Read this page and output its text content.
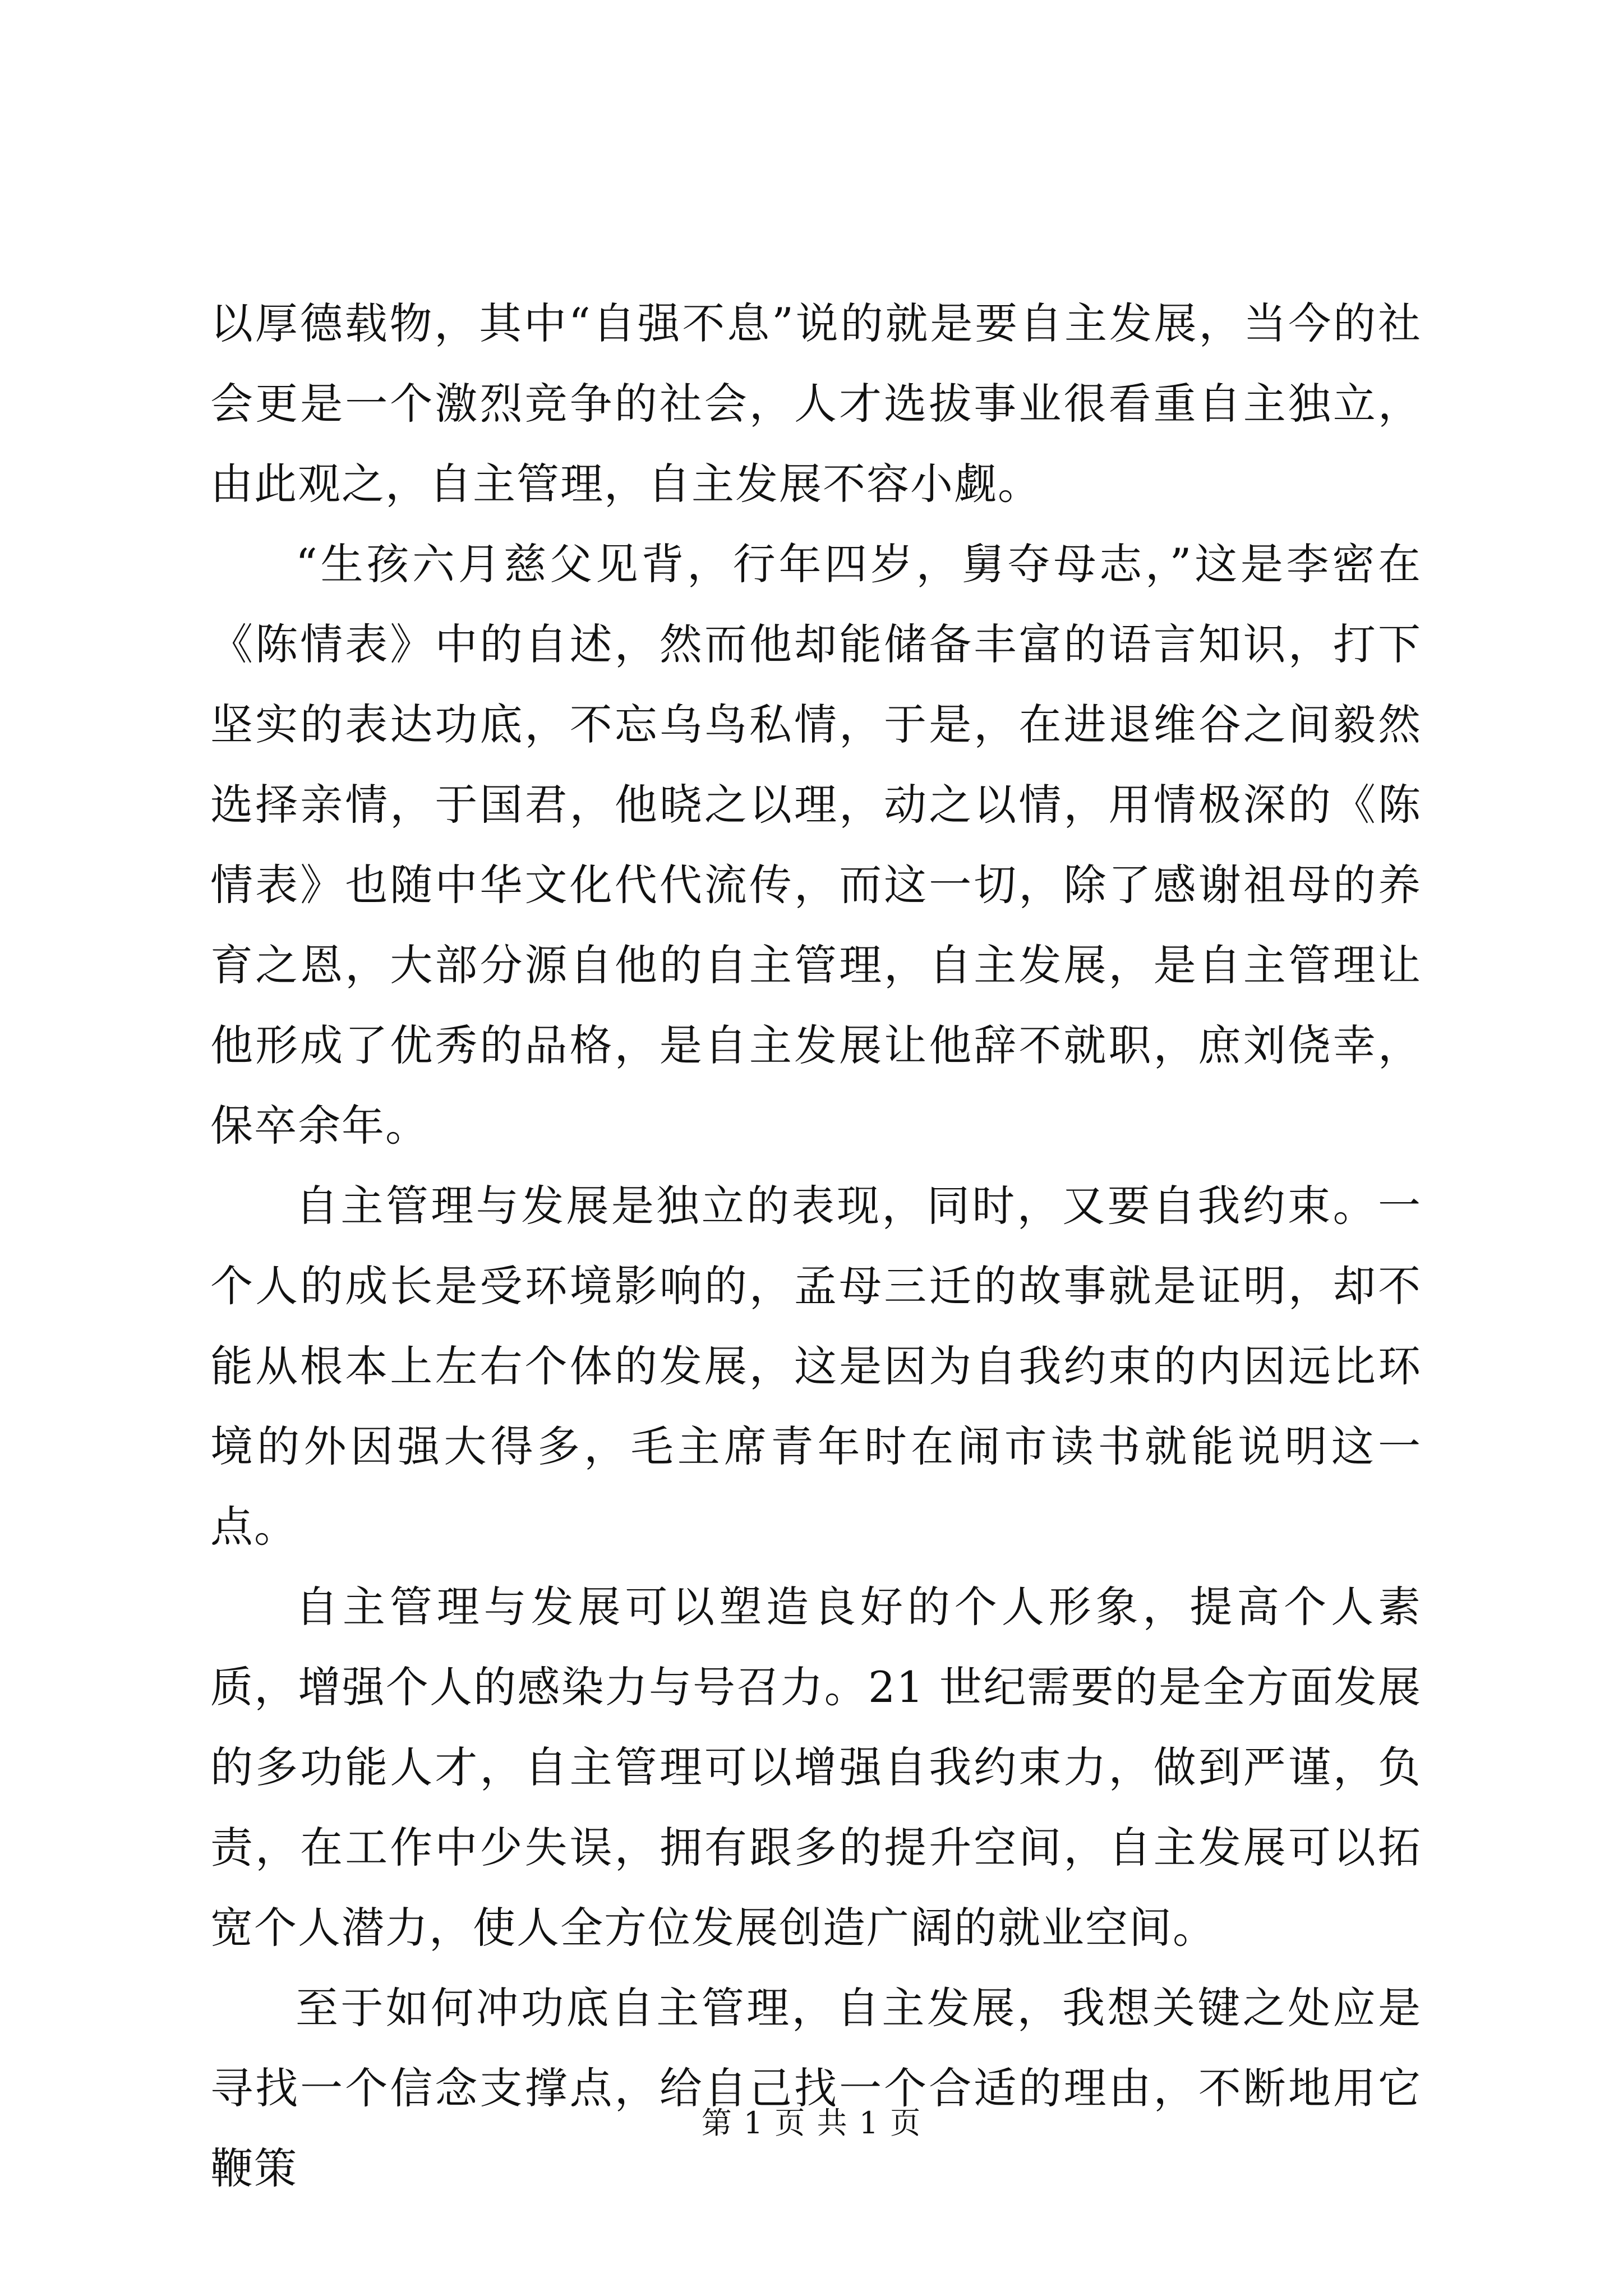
以厚德载物，其中“自强不息”说的就是要自主发展，当今的社会更是一个激烈竞争的社会，人才选拔事业很看重自主独立，由此观之，自主管理，自主发展不容小觑。

“生孩六月慈父见背，行年四岁，舅夺母志，”这是李密在《陈情表》中的自述，然而他却能储备丰富的语言知识，打下坚实的表达功底，不忘乌鸟私情，于是，在进退维谷之间毅然选择亲情，于国君，他晓之以理，动之以情，用情极深的《陈情表》也随中华文化代代流传，而这一切，除了感谢祖母的养育之恩，大部分源自他的自主管理，自主发展，是自主管理让他形成了优秀的品格，是自主发展让他辞不就职，庶刘侥幸，保卒余年。

自主管理与发展是独立的表现，同时，又要自我约束。一个人的成长是受环境影响的，孟母三迁的故事就是证明，却不能从根本上左右个体的发展，这是因为自我约束的内因远比环境的外因强大得多，毛主席青年时在闹市读书就能说明这一点。

自主管理与发展可以塑造良好的个人形象，提高个人素质，增强个人的感染力与号召力。21 世纪需要的是全方面发展的多功能人才，自主管理可以增强自我约束力，做到严谨，负责，在工作中少失误，拥有跟多的提升空间，自主发展可以拓宽个人潜力，使人全方位发展创造广阔的就业空间。

至于如何冲功底自主管理，自主发展，我想关键之处应是寻找一个信念支撑点，给自己找一个合适的理由，不断地用它鞭策

第 1 页 共 1 页
